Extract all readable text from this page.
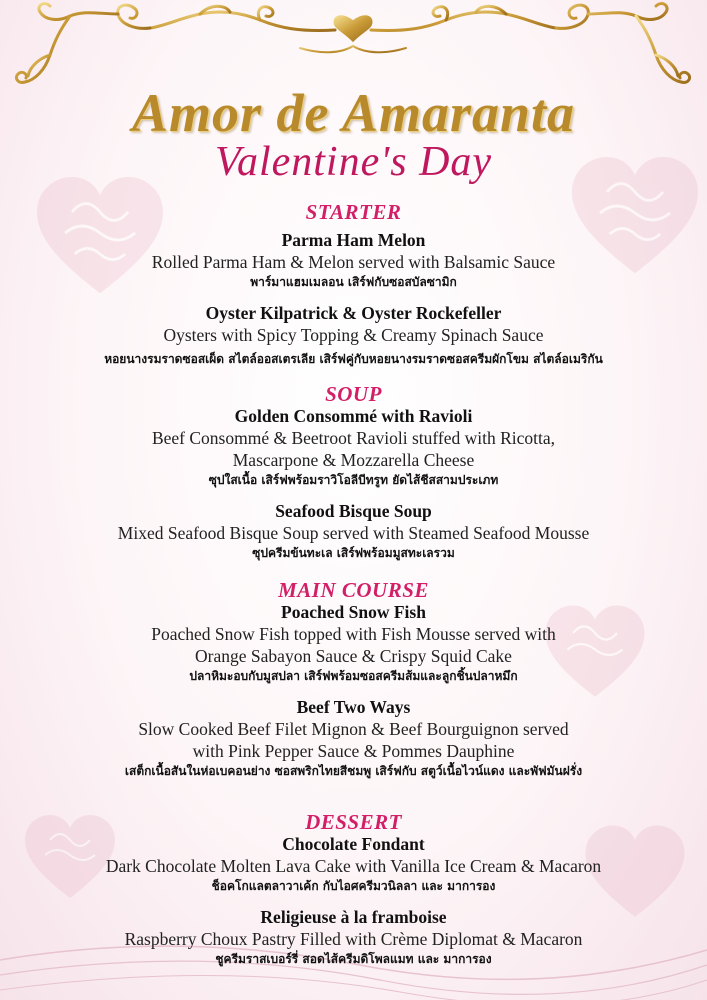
Amor de Amaranta
Valentine's Day
STARTER
Parma Ham Melon
Rolled Parma Ham & Melon served with Balsamic Sauce
พาร์มาแฮมเมลอน เสิร์ฟกับซอสบัลซามิก
Oyster Kilpatrick & Oyster Rockefeller
Oysters with Spicy Topping & Creamy Spinach Sauce
หอยนางรมราดซอสเผ็ด สไตล์ออสเตรเลีย เสิร์ฟคู่กับหอยนางรมราดซอสครีมผักโขม สไตล์อเมริกัน
SOUP
Golden Consommé with Ravioli
Beef Consommé & Beetroot Ravioli stuffed with Ricotta,
Mascarpone & Mozzarella Cheese
ซุปใสเนื้อ เสิร์ฟพร้อมราวิโอลีบีทรูท ยัดไส้ชีสสามประเภท
Seafood Bisque Soup
Mixed Seafood Bisque Soup served with Steamed Seafood Mousse
ซุปครีมข้นทะเล เสิร์ฟพร้อมมูสทะเลรวม
MAIN COURSE
Poached Snow Fish
Poached Snow Fish topped with Fish Mousse served with
Orange Sabayon Sauce & Crispy Squid Cake
ปลาหิมะอบกับมูสปลา เสิร์ฟพร้อมซอสครีมส้มและลูกชิ้นปลาหมึก
Beef Two Ways
Slow Cooked Beef Filet Mignon & Beef Bourguignon served
with Pink Pepper Sauce & Pommes Dauphine
เสต็กเนื้อสันในห่อเบคอนย่าง ซอสพริกไทยสีชมพู เสิร์ฟกับ สตูว์เนื้อไวน์แดง และพัฟมันฝรั่ง
DESSERT
Chocolate Fondant
Dark Chocolate Molten Lava Cake with Vanilla Ice Cream & Macaron
ช็อคโกแลตลาวาเค้ก กับไอศครีมวนิลลา และ มาการอง
Religieuse à la framboise
Raspberry Choux Pastry Filled with Crème Diplomat & Macaron
ชูครีมราสเบอร์รี่ สอดไส้ครีมดิโพลแมท และ มาการอง
